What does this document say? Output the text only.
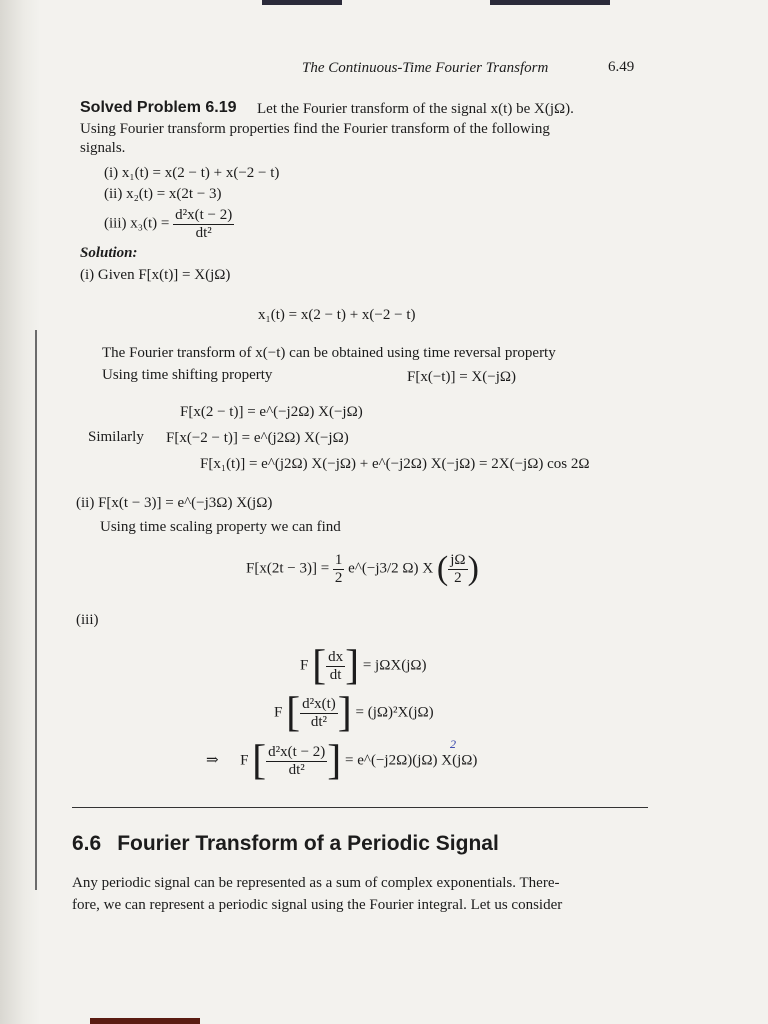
The Continuous-Time Fourier Transform	6.49
Solved Problem 6.19 Let the Fourier transform of the signal x(t) be X(jΩ).
Using Fourier transform properties find the Fourier transform of the following
signals.
(i) x₁(t) = x(2 − t) + x(−2 − t)
(ii) x₂(t) = x(2t − 3)
(iii) $x_3(t) = \frac{\text{d²x(t − 2)}}{\text{dt²}}$
Solution:
(i) Given F[x(t)] = X(jΩ)
x₁(t) = x(2 − t) + x(−2 − t)
The Fourier transform of x(−t) can be obtained using time reversal property
Using time shifting property	F[x(−t)] = X(−jΩ)
F[x(2 − t)] = e^(−j2Ω) X(−jΩ)
Similarly F[x(−2 − t)] = e^(j2Ω) X(−jΩ)
F[x₁(t)] = e^(j2Ω) X(−jΩ) + e^(−j2Ω) X(−jΩ) = 2X(−jΩ) cos 2Ω
(ii) F[x(t − 3)] = e^(−j3Ω) X(jΩ)
Using time scaling property we can find
$F[x(2t - 3)] = \frac{1}{2}$ e^(−j3/2 Ω) X ( $\frac{j\Omega}{2}$ )
(iii)
F [ $\frac{dx}{dt}$ ] = jΩX(jΩ)
F [ $\frac{\text{d²x(t)}}{\text{dt²}}$ ] = (jΩ)²X(jΩ)
⇒ F [ $\frac{\text{d²x(t − 2)}}{\text{dt²}}$ ] = e^(−j2Ω)(jΩ) X(jΩ)
2
6.6 Fourier Transform of a Periodic Signal
Any periodic signal can be represented as a sum of complex exponentials. There-
fore, we can represent a periodic signal using the Fourier integral. Let us consider
